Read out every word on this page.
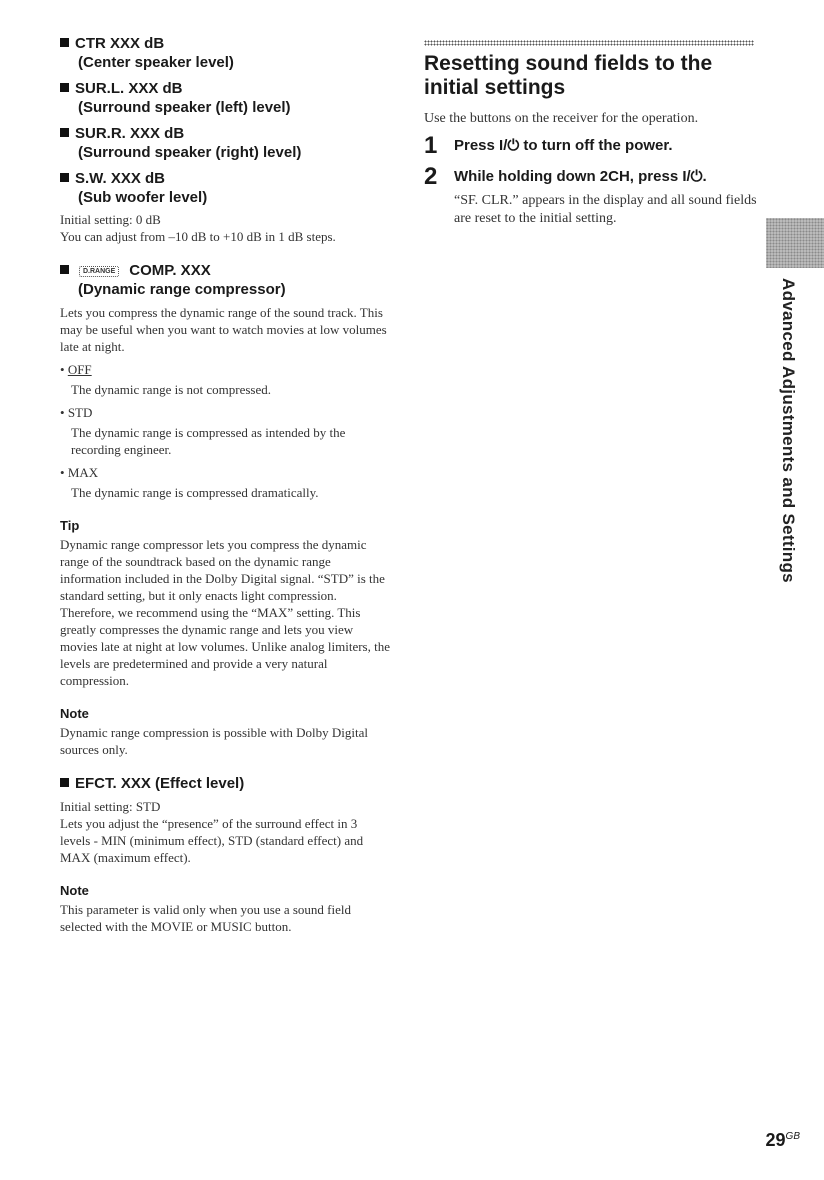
CTR XXX dB

(Center speaker level)

SUR.L. XXX dB

(Surround speaker (left) level)

SUR.R. XXX dB

(Surround speaker (right) level)

S.W. XXX dB

(Sub woofer level)

Initial setting: 0 dB

You can adjust from –10 dB to +10 dB in 1 dB steps.

D.RANGE COMP. XXX

(Dynamic range compressor)

Lets you compress the dynamic range of the sound track. This may be useful when you want to watch movies at low volumes late at night.

• OFF

The dynamic range is not compressed.

• STD

The dynamic range is compressed as intended by the recording engineer.

• MAX

The dynamic range is compressed dramatically.

Tip

Dynamic range compressor lets you compress the dynamic range of the soundtrack based on the dynamic range information included in the Dolby Digital signal. “STD” is the standard setting, but it only enacts light compression. Therefore, we recommend using the “MAX” setting. This greatly compresses the dynamic range and lets you view movies late at night at low volumes. Unlike analog limiters, the levels are predetermined and provide a very natural compression.

Note

Dynamic range compression is possible with Dolby Digital sources only.

EFCT. XXX (Effect level)

Initial setting: STD

Lets you adjust the “presence” of the surround effect in 3 levels - MIN (minimum effect), STD (standard effect) and MAX (maximum effect).

Note

This parameter is valid only when you use a sound field selected with the MOVIE or MUSIC button.

Resetting sound fields to the initial settings

Use the buttons on the receiver for the operation.

1 Press I/⏻ to turn off the power.
2 While holding down 2CH, press I/⏻.

“SF. CLR.” appears in the display and all sound fields are reset to the initial setting.

Advanced Adjustments and Settings
$29^{GB}$
